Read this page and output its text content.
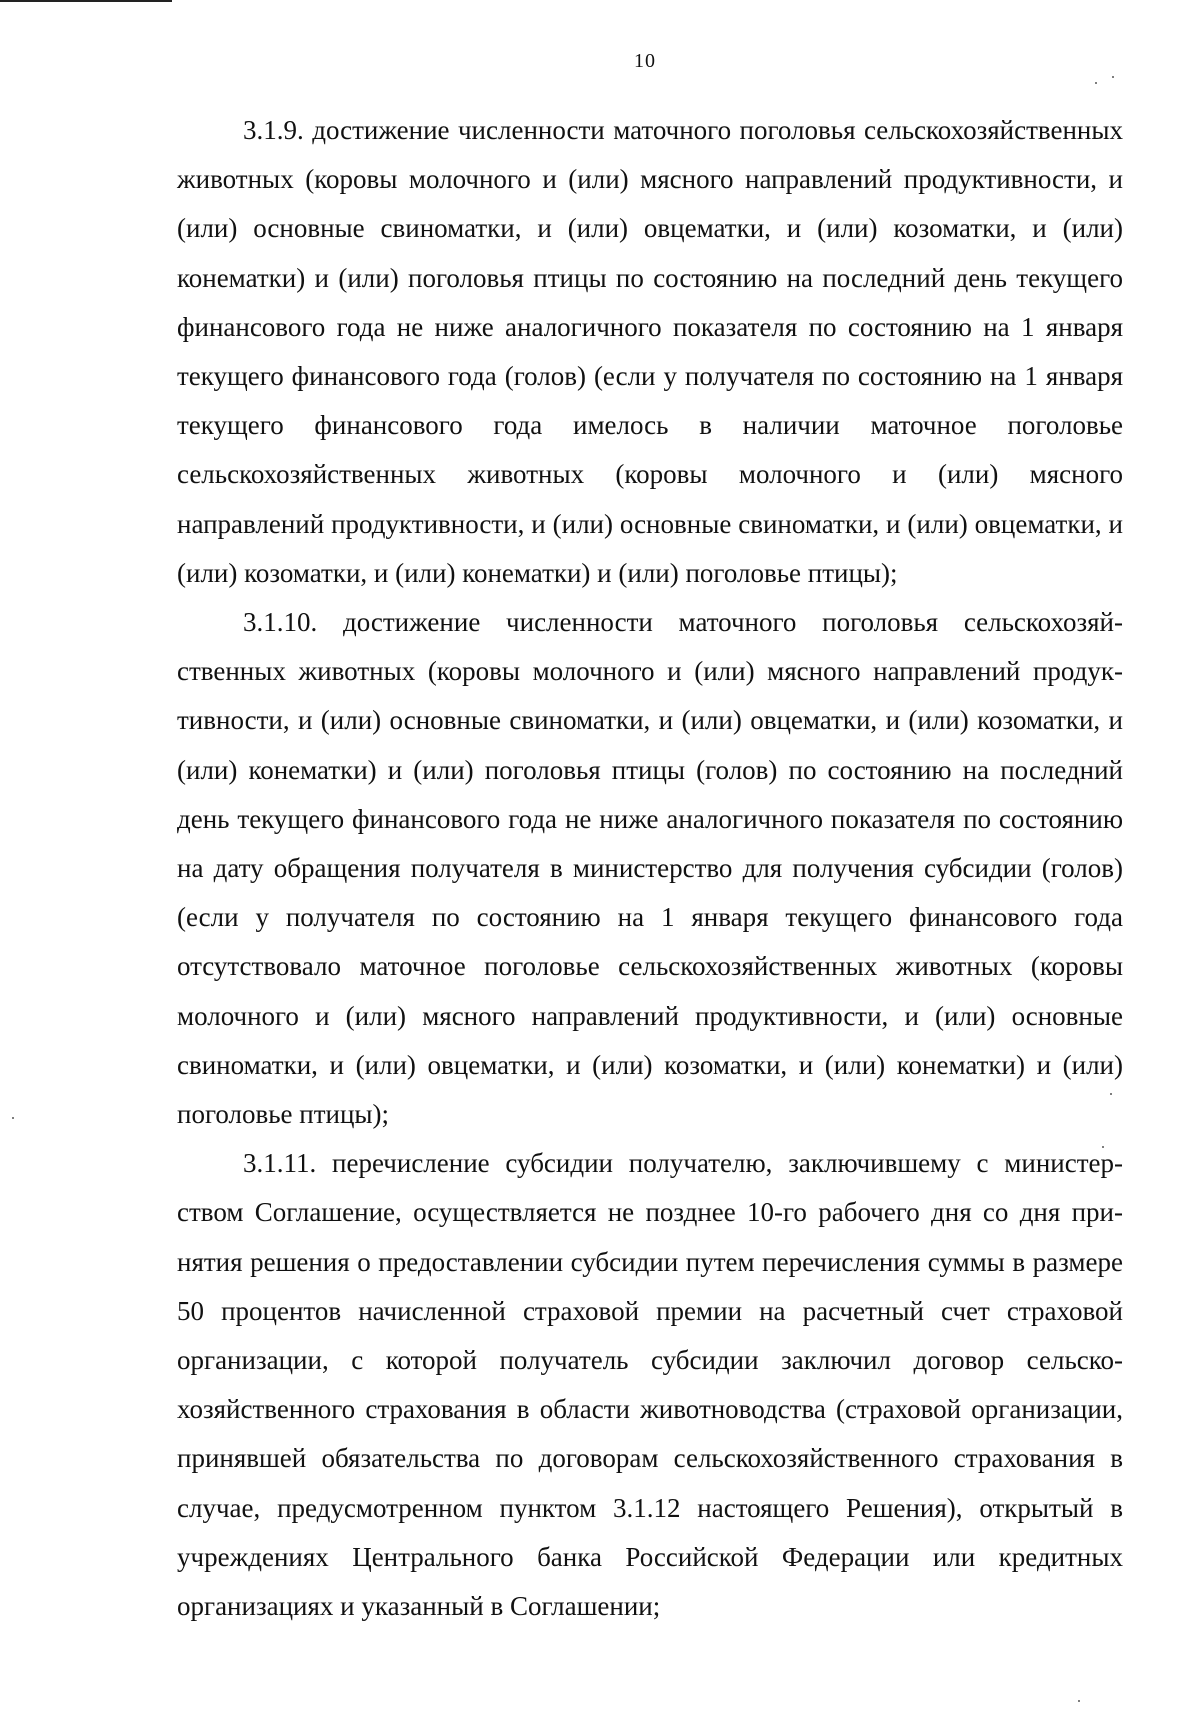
10

3.1.9. достижение численности маточного поголовья сельскохозяйственных животных (коровы молочного и (или) мясного направлений продуктивности, и (или) основные свиноматки, и (или) овцематки, и (или) козоматки, и (или) конематки) и (или) поголовья птицы по состоянию на последний день текущего финансового года не ниже аналогичного показателя по состоянию на 1 января текущего финансового года (голов) (если у получателя по состоянию на 1 января текущего финансового года имелось в наличии маточное поголовье сельскохозяйственных животных (коровы молочного и (или) мясного направлений продуктивности, и (или) основные свиноматки, и (или) овцематки, и (или) козоматки, и (или) конематки) и (или) поголовье птицы);

3.1.10. достижение численности маточного поголовья сельскохозяйственных животных (коровы молочного и (или) мясного направлений продуктивности, и (или) основные свиноматки, и (или) овцематки, и (или) козоматки, и (или) конематки) и (или) поголовья птицы (голов) по состоянию на последний день текущего финансового года не ниже аналогичного показателя по состоянию на дату обращения получателя в министерство для получения субсидии (голов) (если у получателя по состоянию на 1 января текущего финансового года отсутствовало маточное поголовье сельскохозяйственных животных (коровы молочного и (или) мясного направлений продуктивности, и (или) основные свиноматки, и (или) овцематки, и (или) козоматки, и (или) конематки) и (или) поголовье птицы);

3.1.11. перечисление субсидии получателю, заключившему с министерством Соглашение, осуществляется не позднее 10-го рабочего дня со дня принятия решения о предоставлении субсидии путем перечисления суммы в размере 50 процентов начисленной страховой премии на расчетный счет страховой организации, с которой получатель субсидии заключил договор сельскохозяйственного страхования в области животноводства (страховой организации, принявшей обязательства по договорам сельскохозяйственного страхования в случае, предусмотренном пунктом 3.1.12 настоящего Решения), открытый в учреждениях Центрального банка Российской Федерации или кредитных организациях и указанный в Соглашении;
